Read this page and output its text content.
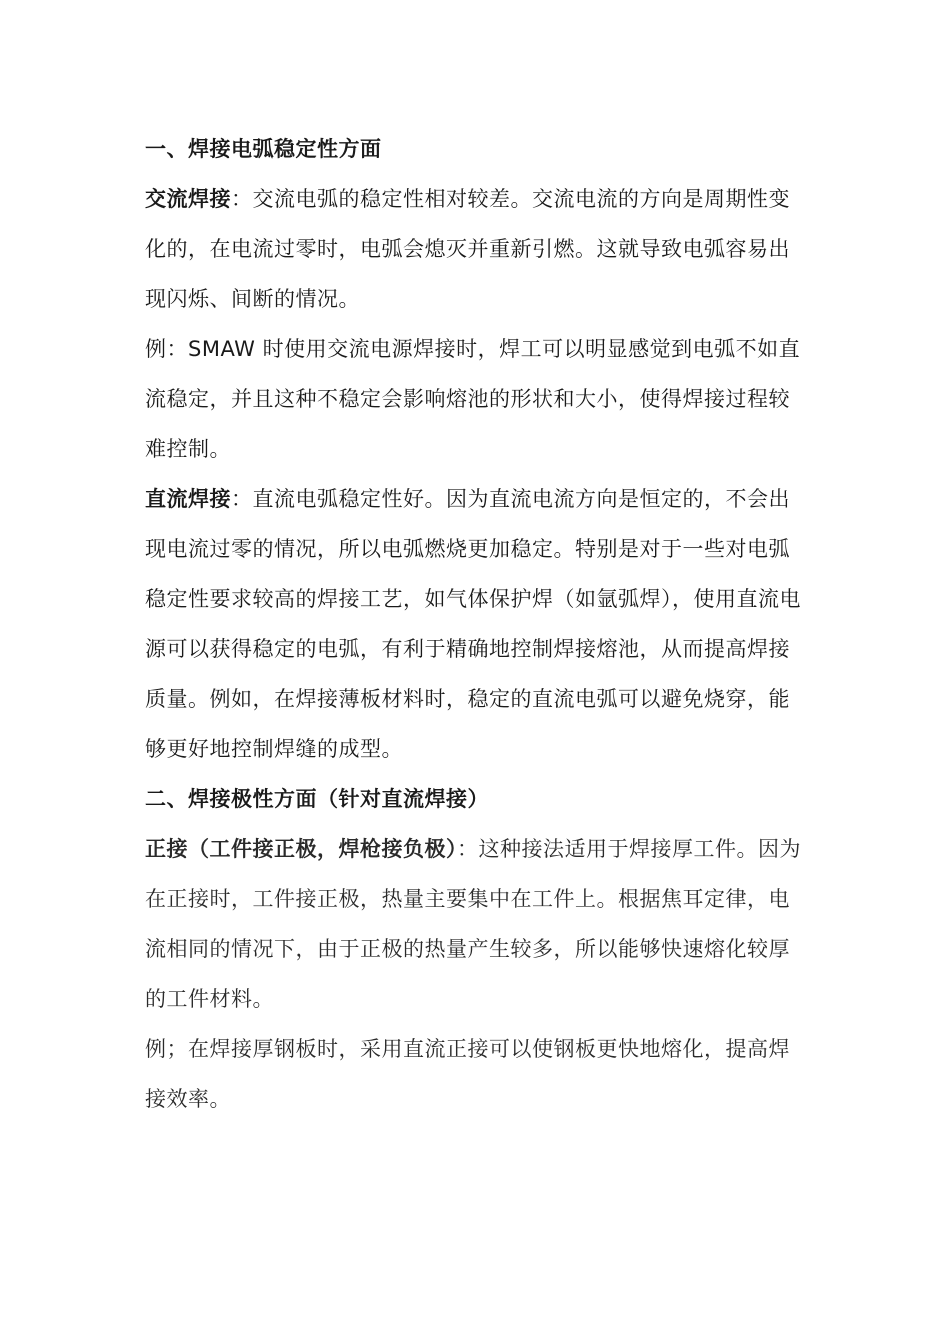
一、焊接电弧稳定性方面

交流焊接：交流电弧的稳定性相对较差。交流电流的方向是周期性变化的，在电流过零时，电弧会熄灭并重新引燃。这就导致电弧容易出现闪烁、间断的情况。

例：SMAW 时使用交流电源焊接时，焊工可以明显感觉到电弧不如直流稳定，并且这种不稳定会影响熔池的形状和大小，使得焊接过程较难控制。

直流焊接：直流电弧稳定性好。因为直流电流方向是恒定的，不会出现电流过零的情况，所以电弧燃烧更加稳定。特别是对于一些对电弧稳定性要求较高的焊接工艺，如气体保护焊（如氩弧焊），使用直流电源可以获得稳定的电弧，有利于精确地控制焊接熔池，从而提高焊接质量。例如，在焊接薄板材料时，稳定的直流电弧可以避免烧穿，能够更好地控制焊缝的成型。

二、焊接极性方面（针对直流焊接）

正接（工件接正极，焊枪接负极）：这种接法适用于焊接厚工件。因为在正接时，工件接正极，热量主要集中在工件上。根据焦耳定律，电流相同的情况下，由于正极的热量产生较多，所以能够快速熔化较厚的工件材料。

例；在焊接厚钢板时，采用直流正接可以使钢板更快地熔化，提高焊接效率。
